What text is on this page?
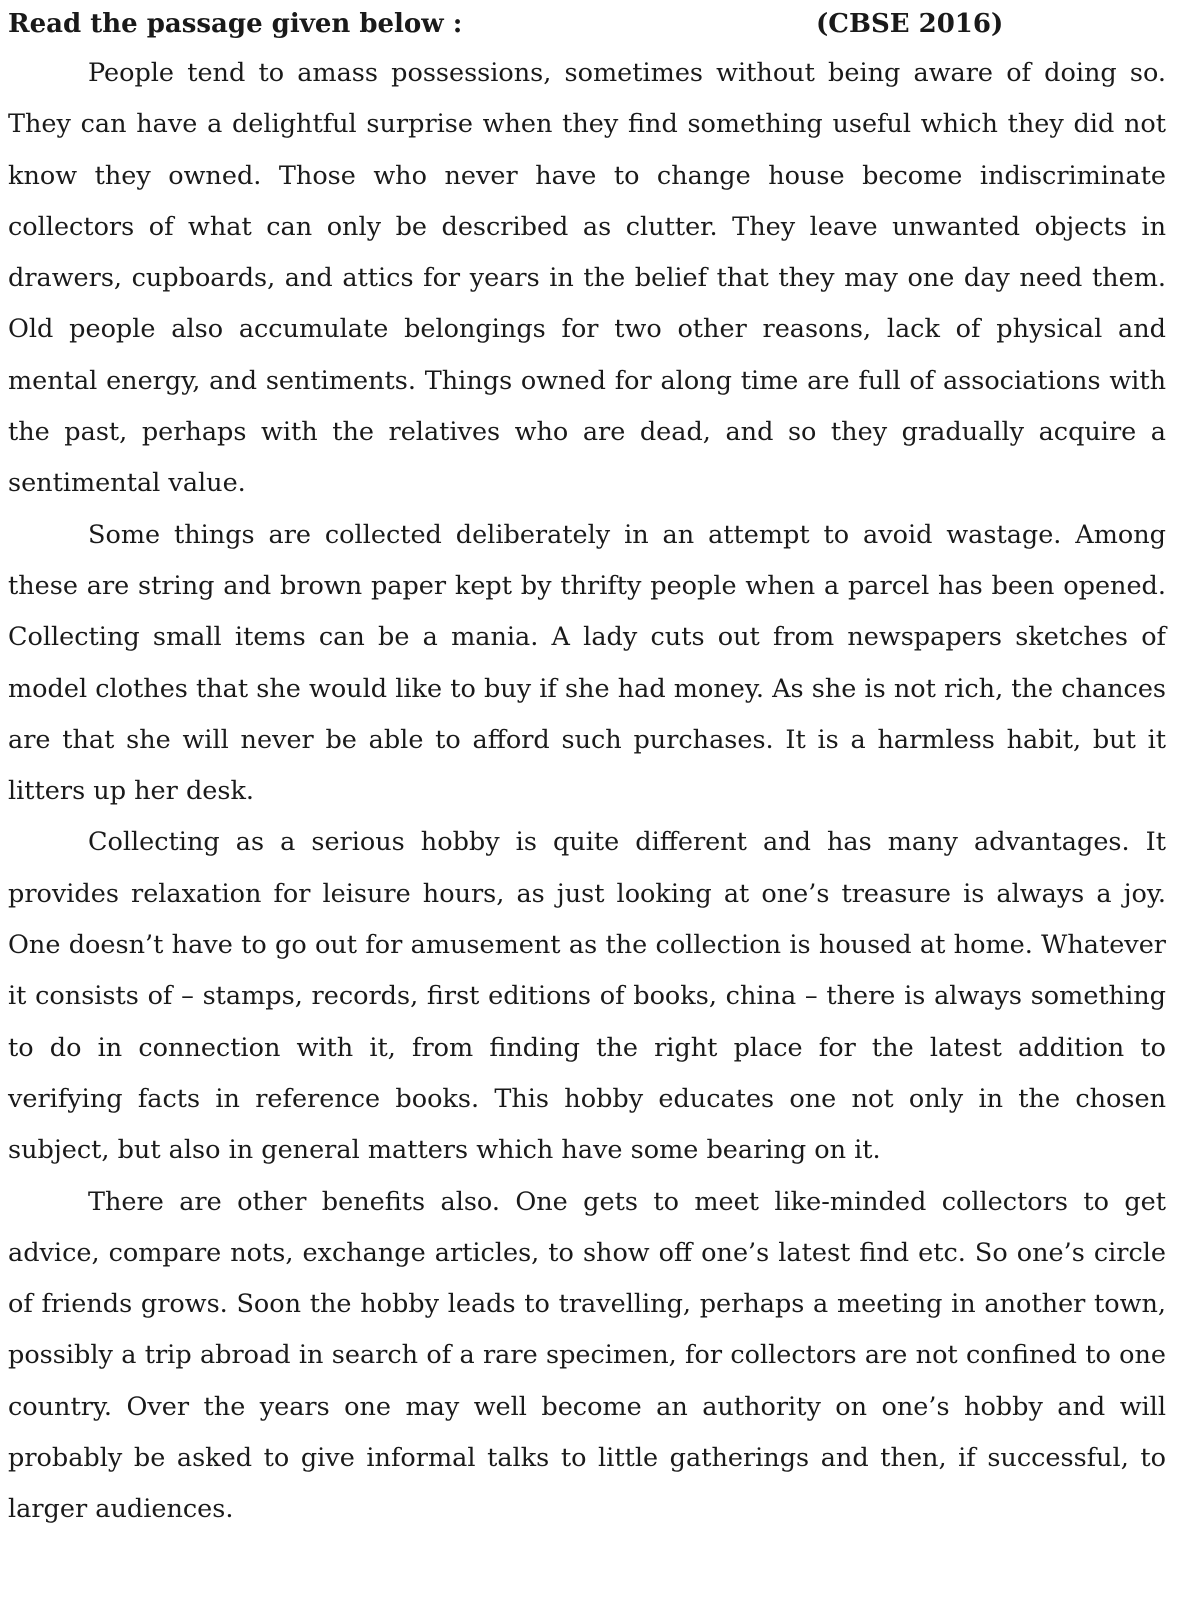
Read the passage given below :	(CBSE 2016)

People tend to amass possessions, sometimes without being aware of doing so. They can have a delightful surprise when they find something useful which they did not know they owned. Those who never have to change house become indiscriminate collectors of what can only be described as clutter. They leave unwanted objects in drawers, cupboards, and attics for years in the belief that they may one day need them. Old people also accumulate belongings for two other reasons, lack of physical and mental energy, and sentiments. Things owned for along time are full of associations with the past, perhaps with the relatives who are dead, and so they gradually acquire a sentimental value.

Some things are collected deliberately in an attempt to avoid wastage. Among these are string and brown paper kept by thrifty people when a parcel has been opened. Collecting small items can be a mania. A lady cuts out from newspapers sketches of model clothes that she would like to buy if she had money. As she is not rich, the chances are that she will never be able to afford such purchases. It is a harmless habit, but it litters up her desk.

Collecting as a serious hobby is quite different and has many advantages. It provides relaxation for leisure hours, as just looking at one’s treasure is always a joy. One doesn’t have to go out for amusement as the collection is housed at home. Whatever it consists of – stamps, records, first editions of books, china – there is always something to do in connection with it, from finding the right place for the latest addition to verifying facts in reference books. This hobby educates one not only in the chosen subject, but also in general matters which have some bearing on it.

There are other benefits also. One gets to meet like-minded collectors to get advice, compare nots, exchange articles, to show off one’s latest find etc. So one’s circle of friends grows. Soon the hobby leads to travelling, perhaps a meeting in another town, possibly a trip abroad in search of a rare specimen, for collectors are not confined to one country. Over the years one may well become an authority on one’s hobby and will probably be asked to give informal talks to little gatherings and then, if successful, to larger audiences.
